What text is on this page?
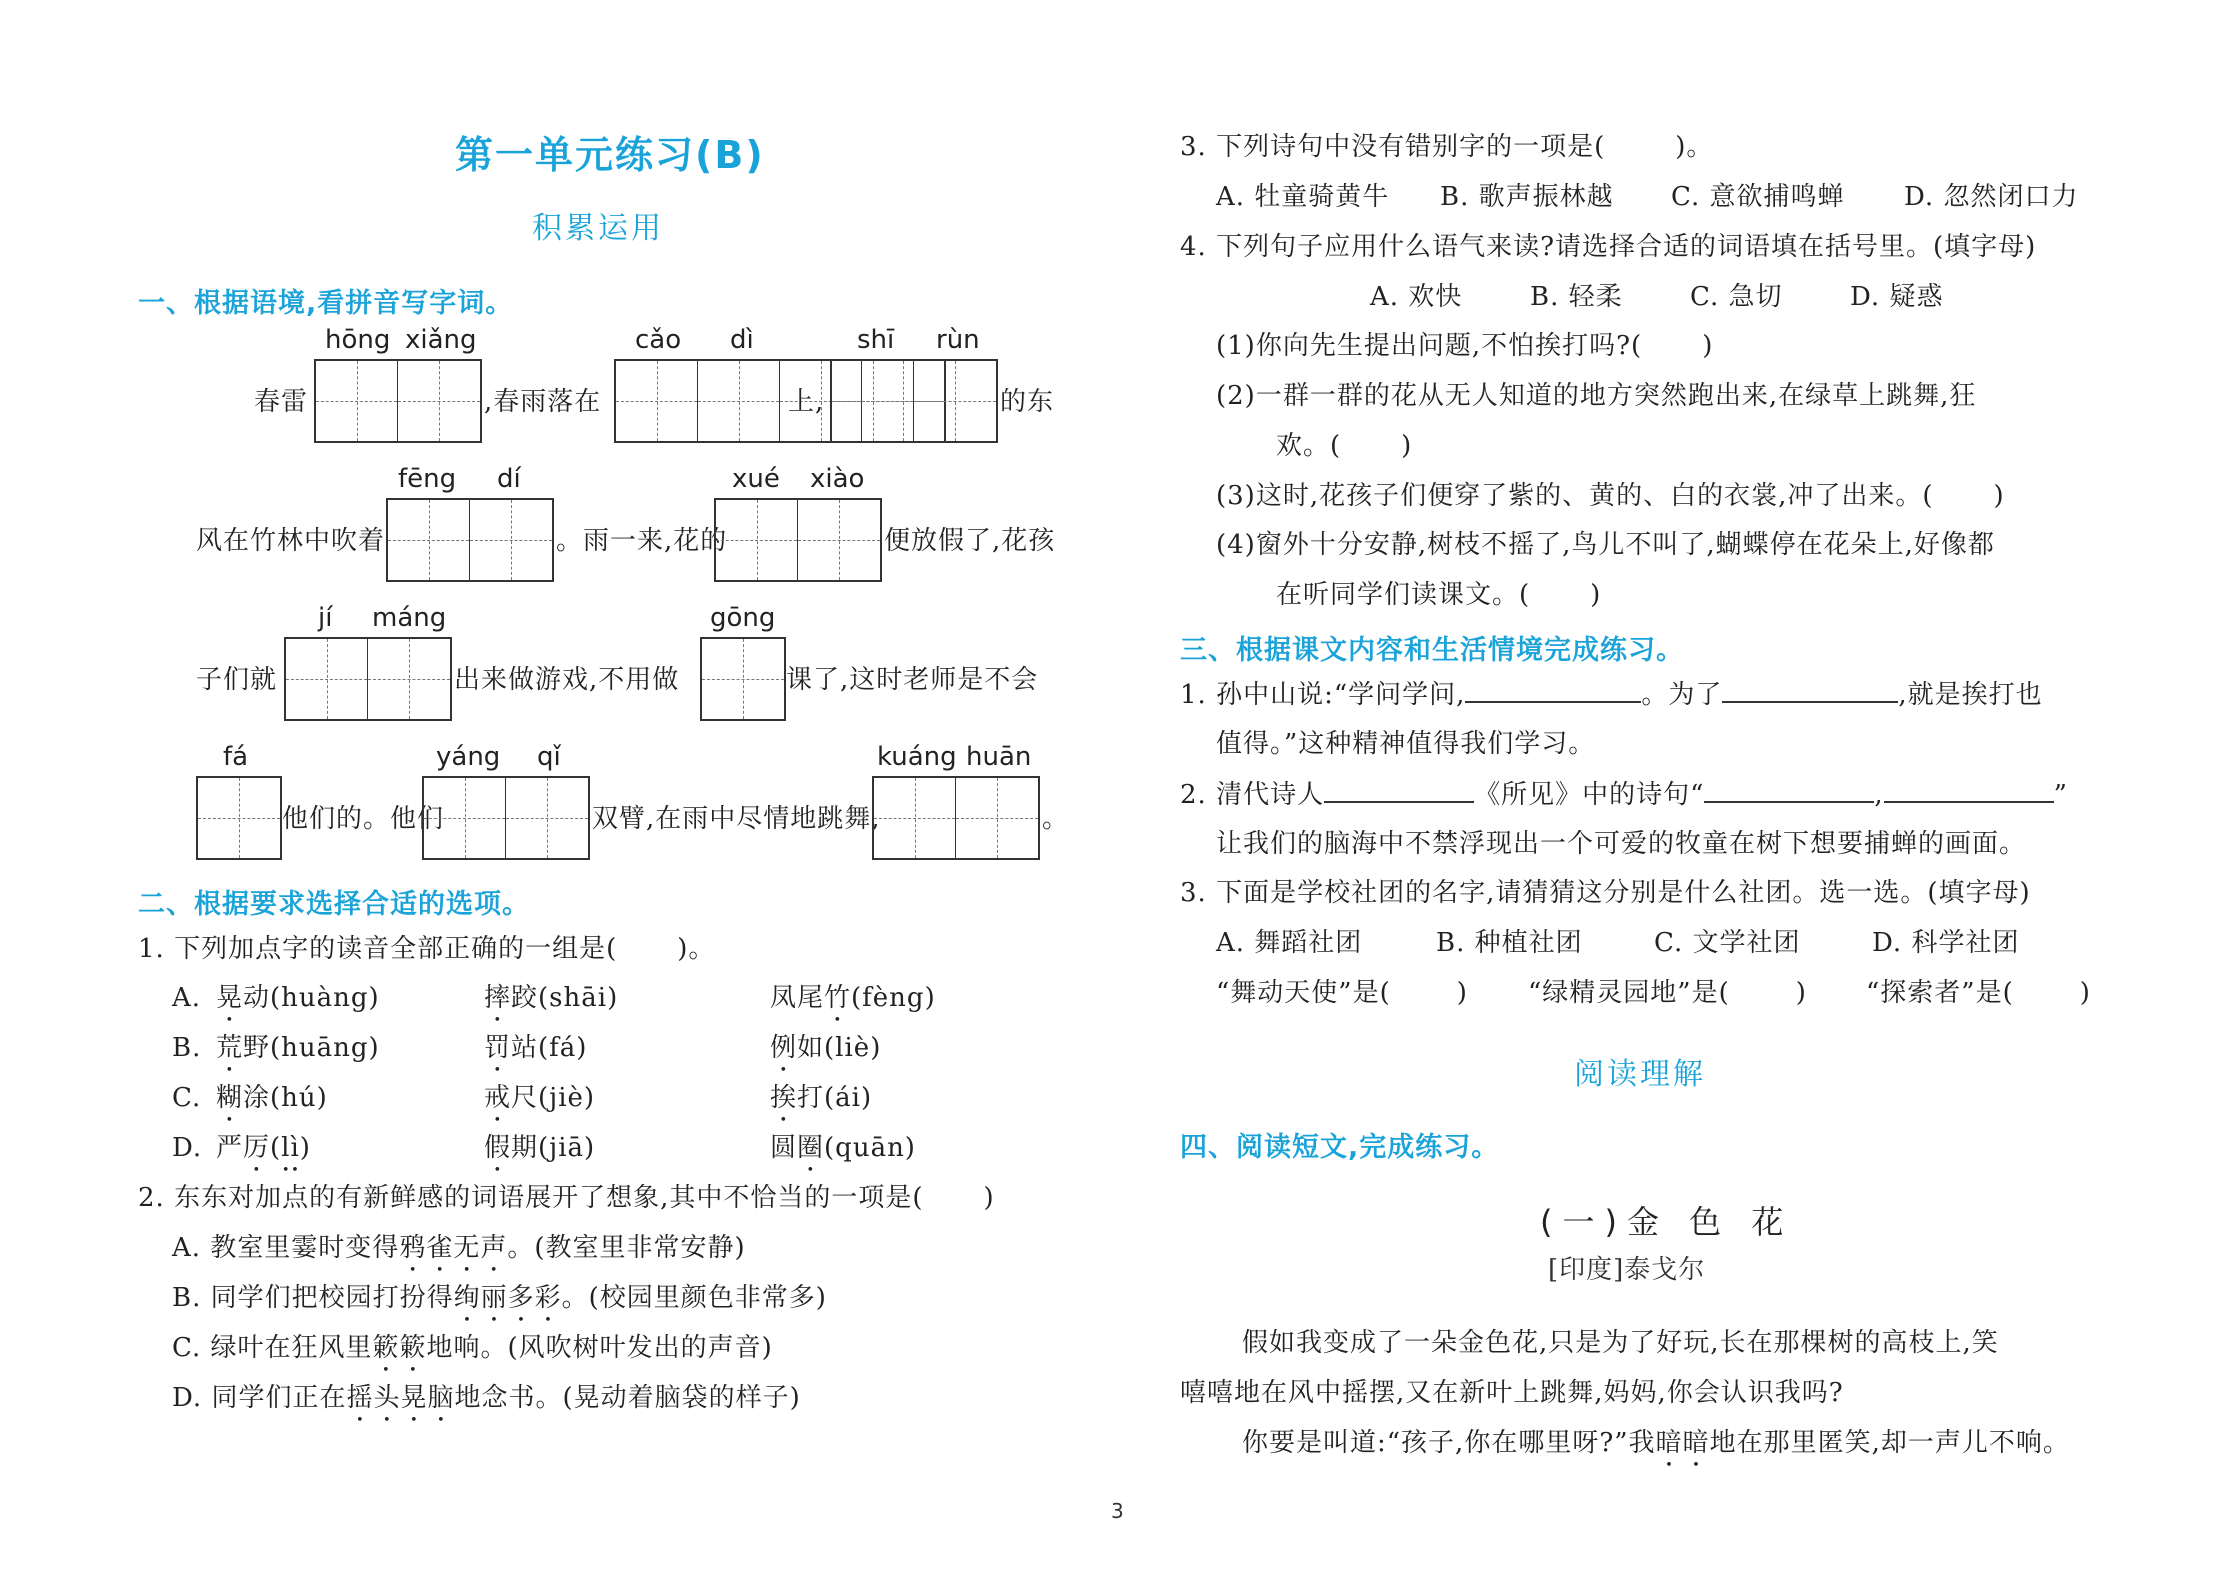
第一单元练习(B)
积累运用
一、根据语境,看拼音写字词。
hōng xiǎng	cǎo dì	shī rùn
春雷	,春雨落在	上,	的东
fēng dí	xué xiào
风在竹林中吹着	。雨一来,花的	便放假了,花孩
jí máng	gōng
子们就	出来做游戏,不用做	课了,这时老师是不会
fá	yáng qǐ	kuáng huān
他们的。他们	双臂,在雨中尽情地跳舞,	。
二、根据要求选择合适的选项。
1. 下列加点字的读音全部正确的一组是( )。
A. 晃动(huàng)	摔跤(shāi)	凤尾竹(fèng)
B. 荒野(huāng)	罚站(fá)	例如(liè)
C. 糊涂(hú)	戒尺(jiè)	挨打(ái)
D. 严厉(lì)	假期(jiā)	圆圈(quān)
2. 东东对加点的有新鲜感的词语展开了想象,其中不恰当的一项是( )
A. 教室里霎时变得鸦雀无声。(教室里非常安静)
B. 同学们把校园打扮得绚丽多彩。(校园里颜色非常多)
C. 绿叶在狂风里簌簌地响。(风吹树叶发出的声音)
D. 同学们正在摇头晃脑地念书。(晃动着脑袋的样子)
3. 下列诗句中没有错别字的一项是(	)。
A. 牡童骑黄牛 B. 歌声振林越 C. 意欲捕鸣蝉 D. 忽然闭口力
4. 下列句子应用什么语气来读?请选择合适的词语填在括号里。(填字母)
A. 欢快	B. 轻柔	C. 急切	D. 疑惑
(1)你向先生提出问题,不怕挨打吗?( )
(2)一群一群的花从无人知道的地方突然跑出来,在绿草上跳舞,狂
欢。( )
(3)这时,花孩子们便穿了紫的、黄的、白的衣裳,冲了出来。( )
(4)窗外十分安静,树枝不摇了,鸟儿不叫了,蝴蝶停在花朵上,好像都
在听同学们读课文。( )
三、根据课文内容和生活情境完成练习。
1. 孙中山说:“学问学问,	。为了	,就是挨打也
值得。”这种精神值得我们学习。
2. 清代诗人	《所见》中的诗句“	,	”
让我们的脑海中不禁浮现出一个可爱的牧童在树下想要捕蝉的画面。
3. 下面是学校社团的名字,请猜猜这分别是什么社团。选一选。(填字母)
A. 舞蹈社团	B. 种植社团	C. 文学社团	D. 科学社团
“舞动天使”是(	) “绿精灵园地”是(	) “探索者”是(	)
阅读理解
四、阅读短文,完成练习。
(一)金 色 花
[印度]泰戈尔
假如我变成了一朵金色花,只是为了好玩,长在那棵树的高枝上,笑
嘻嘻地在风中摇摆,又在新叶上跳舞,妈妈,你会认识我吗?
你要是叫道:“孩子,你在哪里呀?”我暗暗地在那里匿笑,却一声儿不响。
3
